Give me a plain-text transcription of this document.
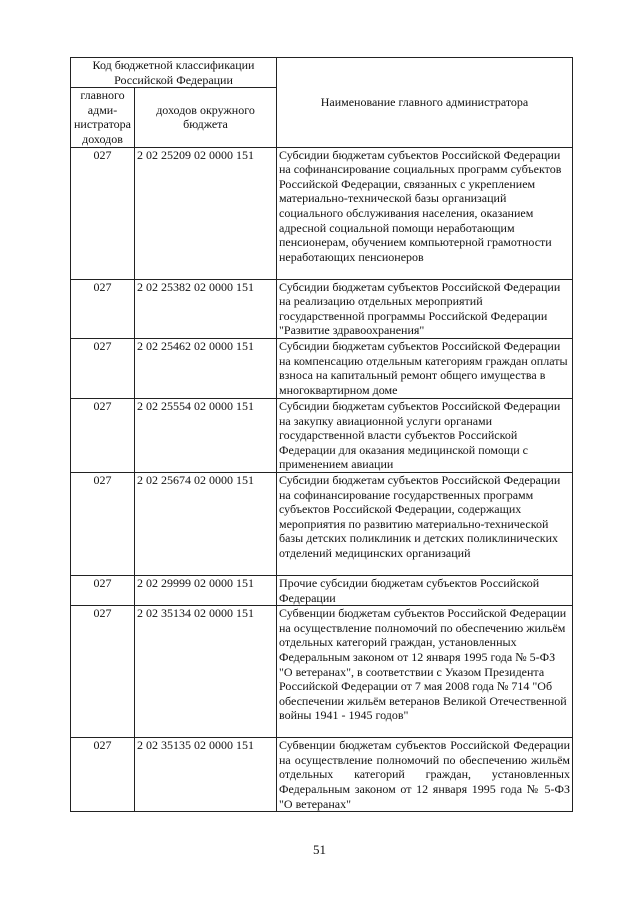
Код бюджетной классификации Российской Федерации		Наименование главного администратора
главного адми-нистратора доходов	доходов окружного бюджета	
027	2 02 25209 02 0000 151	Субсидии бюджетам субъектов Российской Федерации на софинансирование социальных программ субъектов Российской Федерации, связанных с укреплением материально-технической базы организаций социального обслуживания населения, оказанием адресной социальной помощи неработающим пенсионерам, обучением компьютерной грамотности неработающих пенсионеров
027	2 02 25382 02 0000 151	Субсидии бюджетам субъектов Российской Федерации на реализацию отдельных мероприятий государственной программы Российской Федерации "Развитие здравоохранения"
027	2 02 25462 02 0000 151	Субсидии бюджетам субъектов Российской Федерации на компенсацию отдельным категориям граждан оплаты взноса на капитальный ремонт общего имущества в многоквартирном доме
027	2 02 25554 02 0000 151	Субсидии бюджетам субъектов Российской Федерации на закупку авиационной услуги органами государственной власти субъектов Российской Федерации для оказания медицинской помощи с применением авиации
027	2 02 25674 02 0000 151	Субсидии бюджетам субъектов Российской Федерации на софинансирование государственных программ субъектов Российской Федерации, содержащих мероприятия по развитию материально-технической базы детских поликлиник и детских поликлинических отделений медицинских организаций
027	2 02 29999 02 0000 151	Прочие субсидии бюджетам субъектов Российской Федерации
027	2 02 35134 02 0000 151	Субвенции бюджетам субъектов Российской Федерации на осуществление полномочий по обеспечению жильём отдельных категорий граждан, установленных Федеральным законом от 12 января 1995 года № 5-ФЗ "О ветеранах", в соответствии с Указом Президента Российской Федерации от 7 мая 2008 года № 714 "Об обеспечении жильём ветеранов Великой Отечественной войны 1941 - 1945 годов"
027	2 02 35135 02 0000 151	Субвенции бюджетам субъектов Российской Федерации на осуществление полномочий по обеспечению жильём отдельных категорий граждан, установленных Федеральным законом от 12 января 1995 года № 5-ФЗ "О ветеранах"
51
